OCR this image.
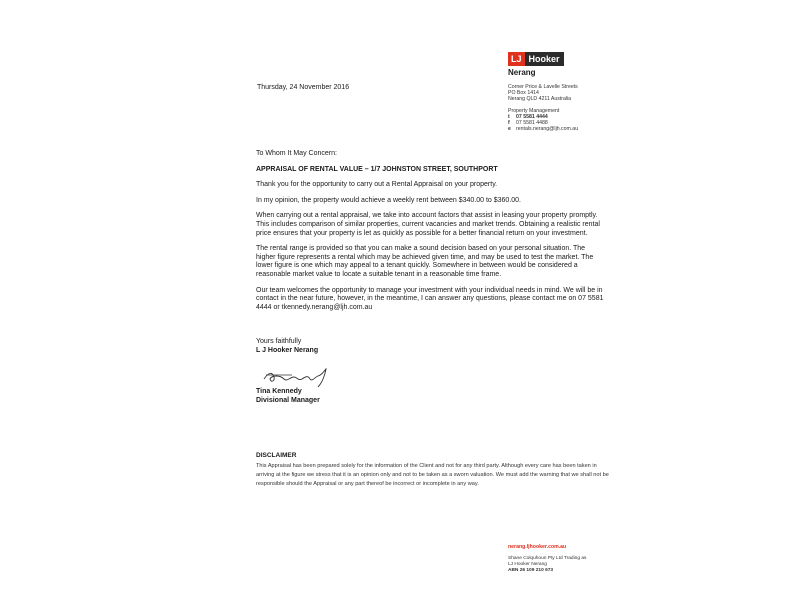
LJ Hooker
Nerang
Corner Price & Lavelle Streets
PO Box 1414
Nerang QLD 4211 Australia
Property Management
t 07 5581 4444
f 07 5581 4488
e rentals.nerang@ljh.com.au
Thursday, 24 November 2016

To Whom It May Concern:

APPRAISAL OF RENTAL VALUE – 1/7 JOHNSTON STREET, SOUTHPORT

Thank you for the opportunity to carry out a Rental Appraisal on your property.

In my opinion, the property would achieve a weekly rent between $340.00 to $360.00.

When carrying out a rental appraisal, we take into account factors that assist in leasing your property promptly. This includes comparison of similar properties, current vacancies and market trends. Obtaining a realistic rental price ensures that your property is let as quickly as possible for a better financial return on your investment.

The rental range is provided so that you can make a sound decision based on your personal situation. The higher figure represents a rental which may be achieved given time, and may be used to test the market. The lower figure is one which may appeal to a tenant quickly. Somewhere in between would be considered a reasonable market value to locate a suitable tenant in a reasonable time frame.

Our team welcomes the opportunity to manage your investment with your individual needs in mind. We will be in contact in the near future, however, in the meantime, I can answer any questions, please contact me on 07 5581 4444 or tkennedy.nerang@ljh.com.au

Yours faithfully
L J Hooker Nerang
Tina Kennedy
Divisional Manager
DISCLAIMER
This Appraisal has been prepared solely for the information of the Client and not for any third party. Although every care has been taken in arriving at the figure we stress that it is an opinion only and not to be taken as a sworn valuation. We must add the warning that we shall not be responsible should the Appraisal or any part thereof be incorrect or incomplete in any way.
nerang.ljhooker.com.au
Shane Colquhoun Pty Ltd Trading as
LJ Hooker Nerang
ABN 26 109 210 673
